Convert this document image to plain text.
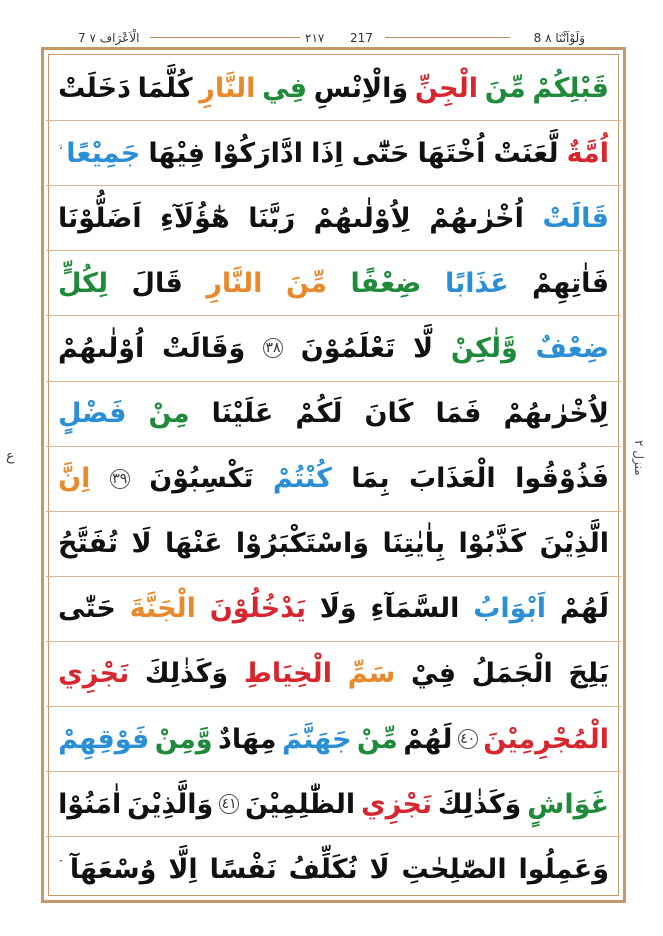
7 الْاَعْرَاف ٧	٢١٧ 217	8 وَلَوْاَنَّنَا ٨
ع
منزل ٢
قَبْلِكُمْ
مِّنَ
الْجِنِّ
وَالْاِنْسِ
فِي
النَّارِ
كُلَّمَا
دَخَلَتْ
اُمَّةٌ
لَّعَنَتْ
اُخْتَهَا
حَتّٰٓى
اِذَا
ادَّارَكُوْا
فِيْهَا
جَمِيْعًا
قَالَتْ
اُخْرٰىهُمْ
لِاُوْلٰىهُمْ
رَبَّنَا
هٰٓؤُلَآءِ
اَضَلُّوْنَا
فَاٰتِهِمْ
عَذَابًا
ضِعْفًا
مِّنَ
النَّارِ
قَالَ
لِكُلٍّ
ضِعْفٌ
وَّلٰكِنْ
لَّا
تَعْلَمُوْنَ
٣٨
وَقَالَتْ
اُوْلٰىهُمْ
لِاُخْرٰىهُمْ
فَمَا
كَانَ
لَكُمْ
عَلَيْنَا
مِنْ
فَضْلٍ
فَذُوْقُوا
الْعَذَابَ
بِمَا
كُنْتُمْ
تَكْسِبُوْنَ
٣٩
اِنَّ
الَّذِيْنَ
كَذَّبُوْا
بِاٰيٰتِنَا
وَاسْتَكْبَرُوْا
عَنْهَا
لَا
تُفَتَّحُ
لَهُمْ
اَبْوَابُ
السَّمَآءِ
وَلَا
يَدْخُلُوْنَ
الْجَنَّةَ
حَتّٰى
يَلِجَ
الْجَمَلُ
فِيْ
سَمِّ
الْخِيَاطِ
وَكَذٰلِكَ
نَجْزِي
الْمُجْرِمِيْنَ
٤٠
لَهُمْ
مِّنْ
جَهَنَّمَ
مِهَادٌ
وَّمِنْ
فَوْقِهِمْ
غَوَاشٍ
وَكَذٰلِكَ
نَجْزِي
الظّٰلِمِيْنَ
٤١
وَالَّذِيْنَ
اٰمَنُوْا
وَعَمِلُوا
الصّٰلِحٰتِ
لَا
نُكَلِّفُ
نَفْسًا
اِلَّا
وُسْعَهَآ
